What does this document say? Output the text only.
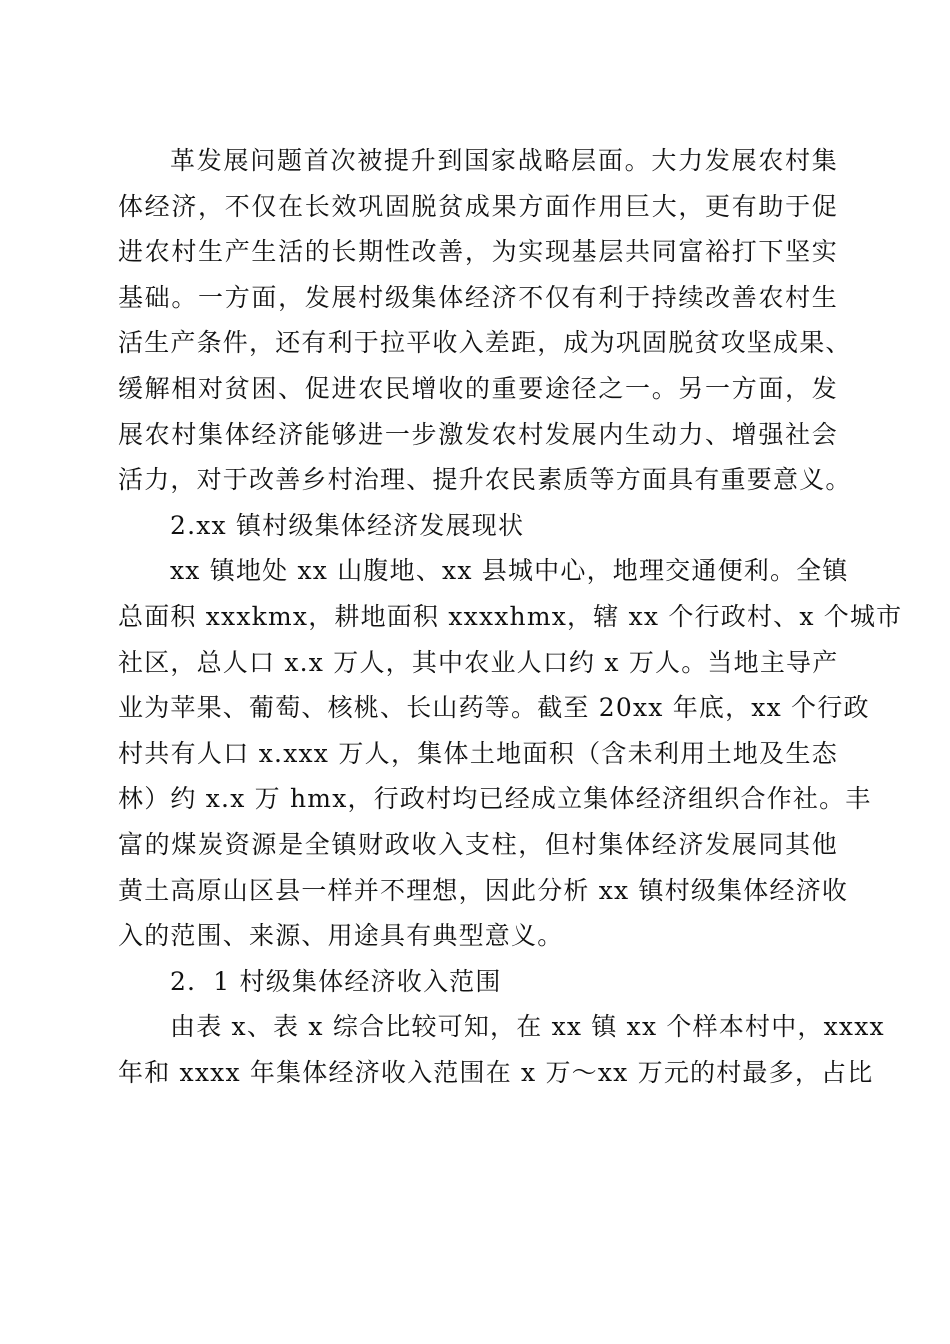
革发展问题首次被提升到国家战略层面。大力发展农村集
体经济，不仅在长效巩固脱贫成果方面作用巨大，更有助于促
进农村生产生活的长期性改善，为实现基层共同富裕打下坚实
基础。一方面，发展村级集体经济不仅有利于持续改善农村生
活生产条件，还有利于拉平收入差距，成为巩固脱贫攻坚成果、
缓解相对贫困、促进农民增收的重要途径之一。另一方面，发
展农村集体经济能够进一步激发农村发展内生动力、增强社会
活力，对于改善乡村治理、提升农民素质等方面具有重要意义。
2.xx 镇村级集体经济发展现状
xx 镇地处 xx 山腹地、xx 县城中心，地理交通便利。全镇
总面积 xxxkmx，耕地面积 xxxxhmx，辖 xx 个行政村、x 个城市
社区，总人口 x.x 万人，其中农业人口约 x 万人。当地主导产
业为苹果、葡萄、核桃、长山药等。截至 20xx 年底，xx 个行政
村共有人口 x.xxx 万人，集体土地面积（含未利用土地及生态
林）约 x.x 万 hmx，行政村均已经成立集体经济组织合作社。丰
富的煤炭资源是全镇财政收入支柱，但村集体经济发展同其他
黄土高原山区县一样并不理想，因此分析 xx 镇村级集体经济收
入的范围、来源、用途具有典型意义。
2．1 村级集体经济收入范围
由表 x、表 x 综合比较可知，在 xx 镇 xx 个样本村中，xxxx
年和 xxxx 年集体经济收入范围在 x 万～xx 万元的村最多，占比
